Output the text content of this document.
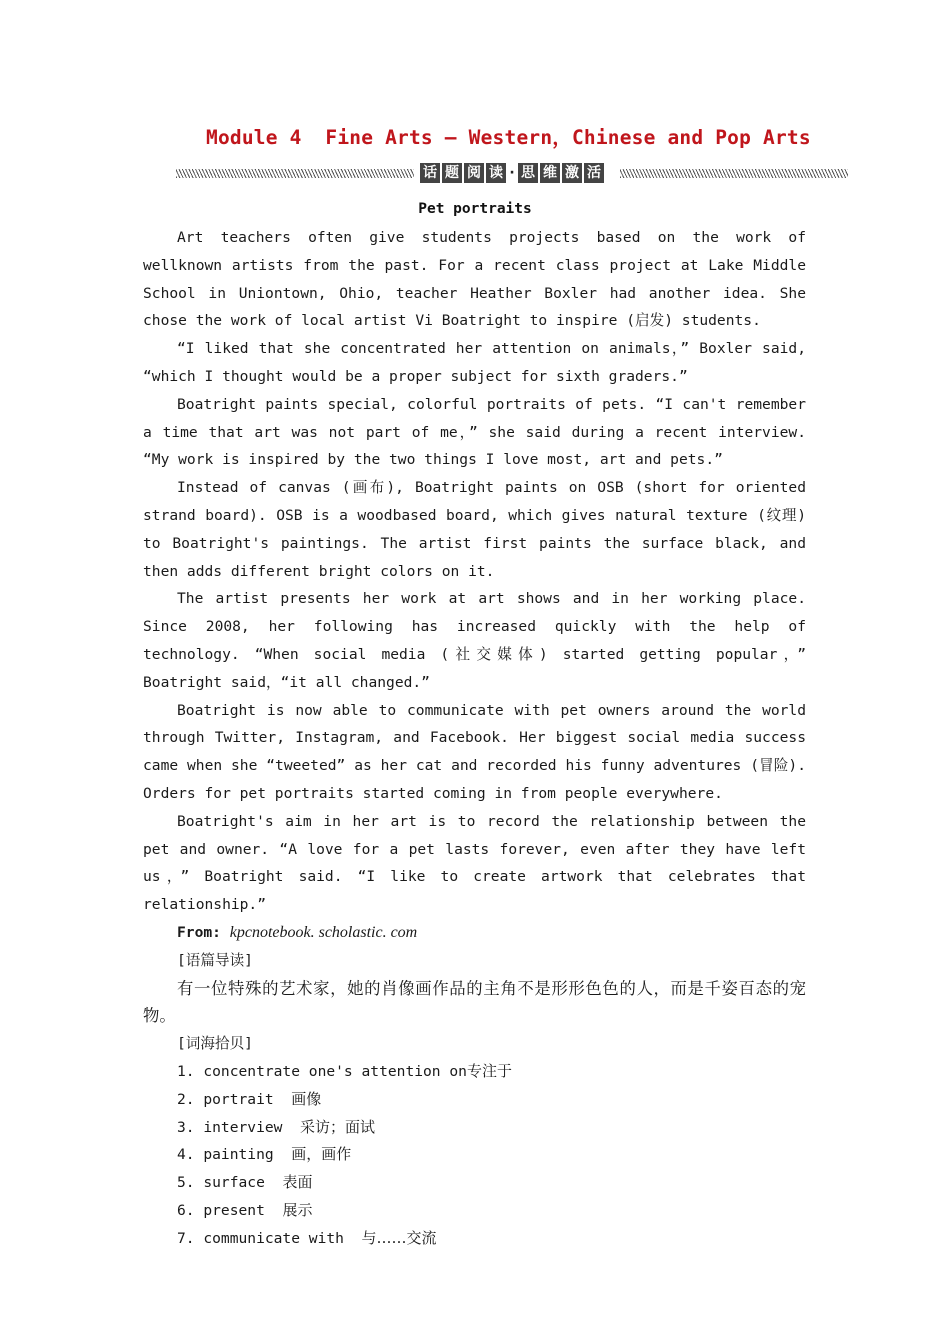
Module 4  Fine Arts — Western，Chinese and Pop Arts
话 题 阅 读 · 思 维 激 活
Pet portraits

Art teachers often give students projects based on the work of wellknown artists from the past. For a recent class project at Lake Middle School in Uniontown, Ohio, teacher Heather Boxler had another idea. She chose the work of local artist Vi Boatright to inspire (启发) students.

“I liked that she concentrated her attention on animals，” Boxler said, “which I thought would be a proper subject for sixth graders.”

Boatright paints special, colorful portraits of pets. “I can't remember a time that art was not part of me，” she said during a recent interview. “My work is inspired by the two things I love most, art and pets.”

Instead of canvas (画布), Boatright paints on OSB (short for oriented strand board). OSB is a woodbased board, which gives natural texture (纹理) to Boatright's paintings. The artist first paints the surface black, and then adds different bright colors on it.

The artist presents her work at art shows and in her working place. Since 2008, her following has increased quickly with the help of technology. “When social media (社交媒体) started getting popular，” Boatright said，“it all changed.”

Boatright is now able to communicate with pet owners around the world through Twitter, Instagram, and Facebook. Her biggest social media success came when she “tweeted” as her cat and recorded his funny adventures (冒险). Orders for pet portraits started coming in from people everywhere.

Boatright's aim in her art is to record the relationship between the pet and owner. “A love for a pet lasts forever, even after they have left us，” Boatright said. “I like to create artwork that celebrates that relationship.”

From: kpcnotebook. scholastic. com

[语篇导读]

有一位特殊的艺术家，她的肖像画作品的主角不是形形色色的人，而是千姿百态的宠物。

[词海拾贝]

1. concentrate one's attention on专注于
2. portrait  画像
3. interview  采访；面试
4. painting  画，画作
5. surface  表面
6. present  展示
7. communicate with  与……交流
